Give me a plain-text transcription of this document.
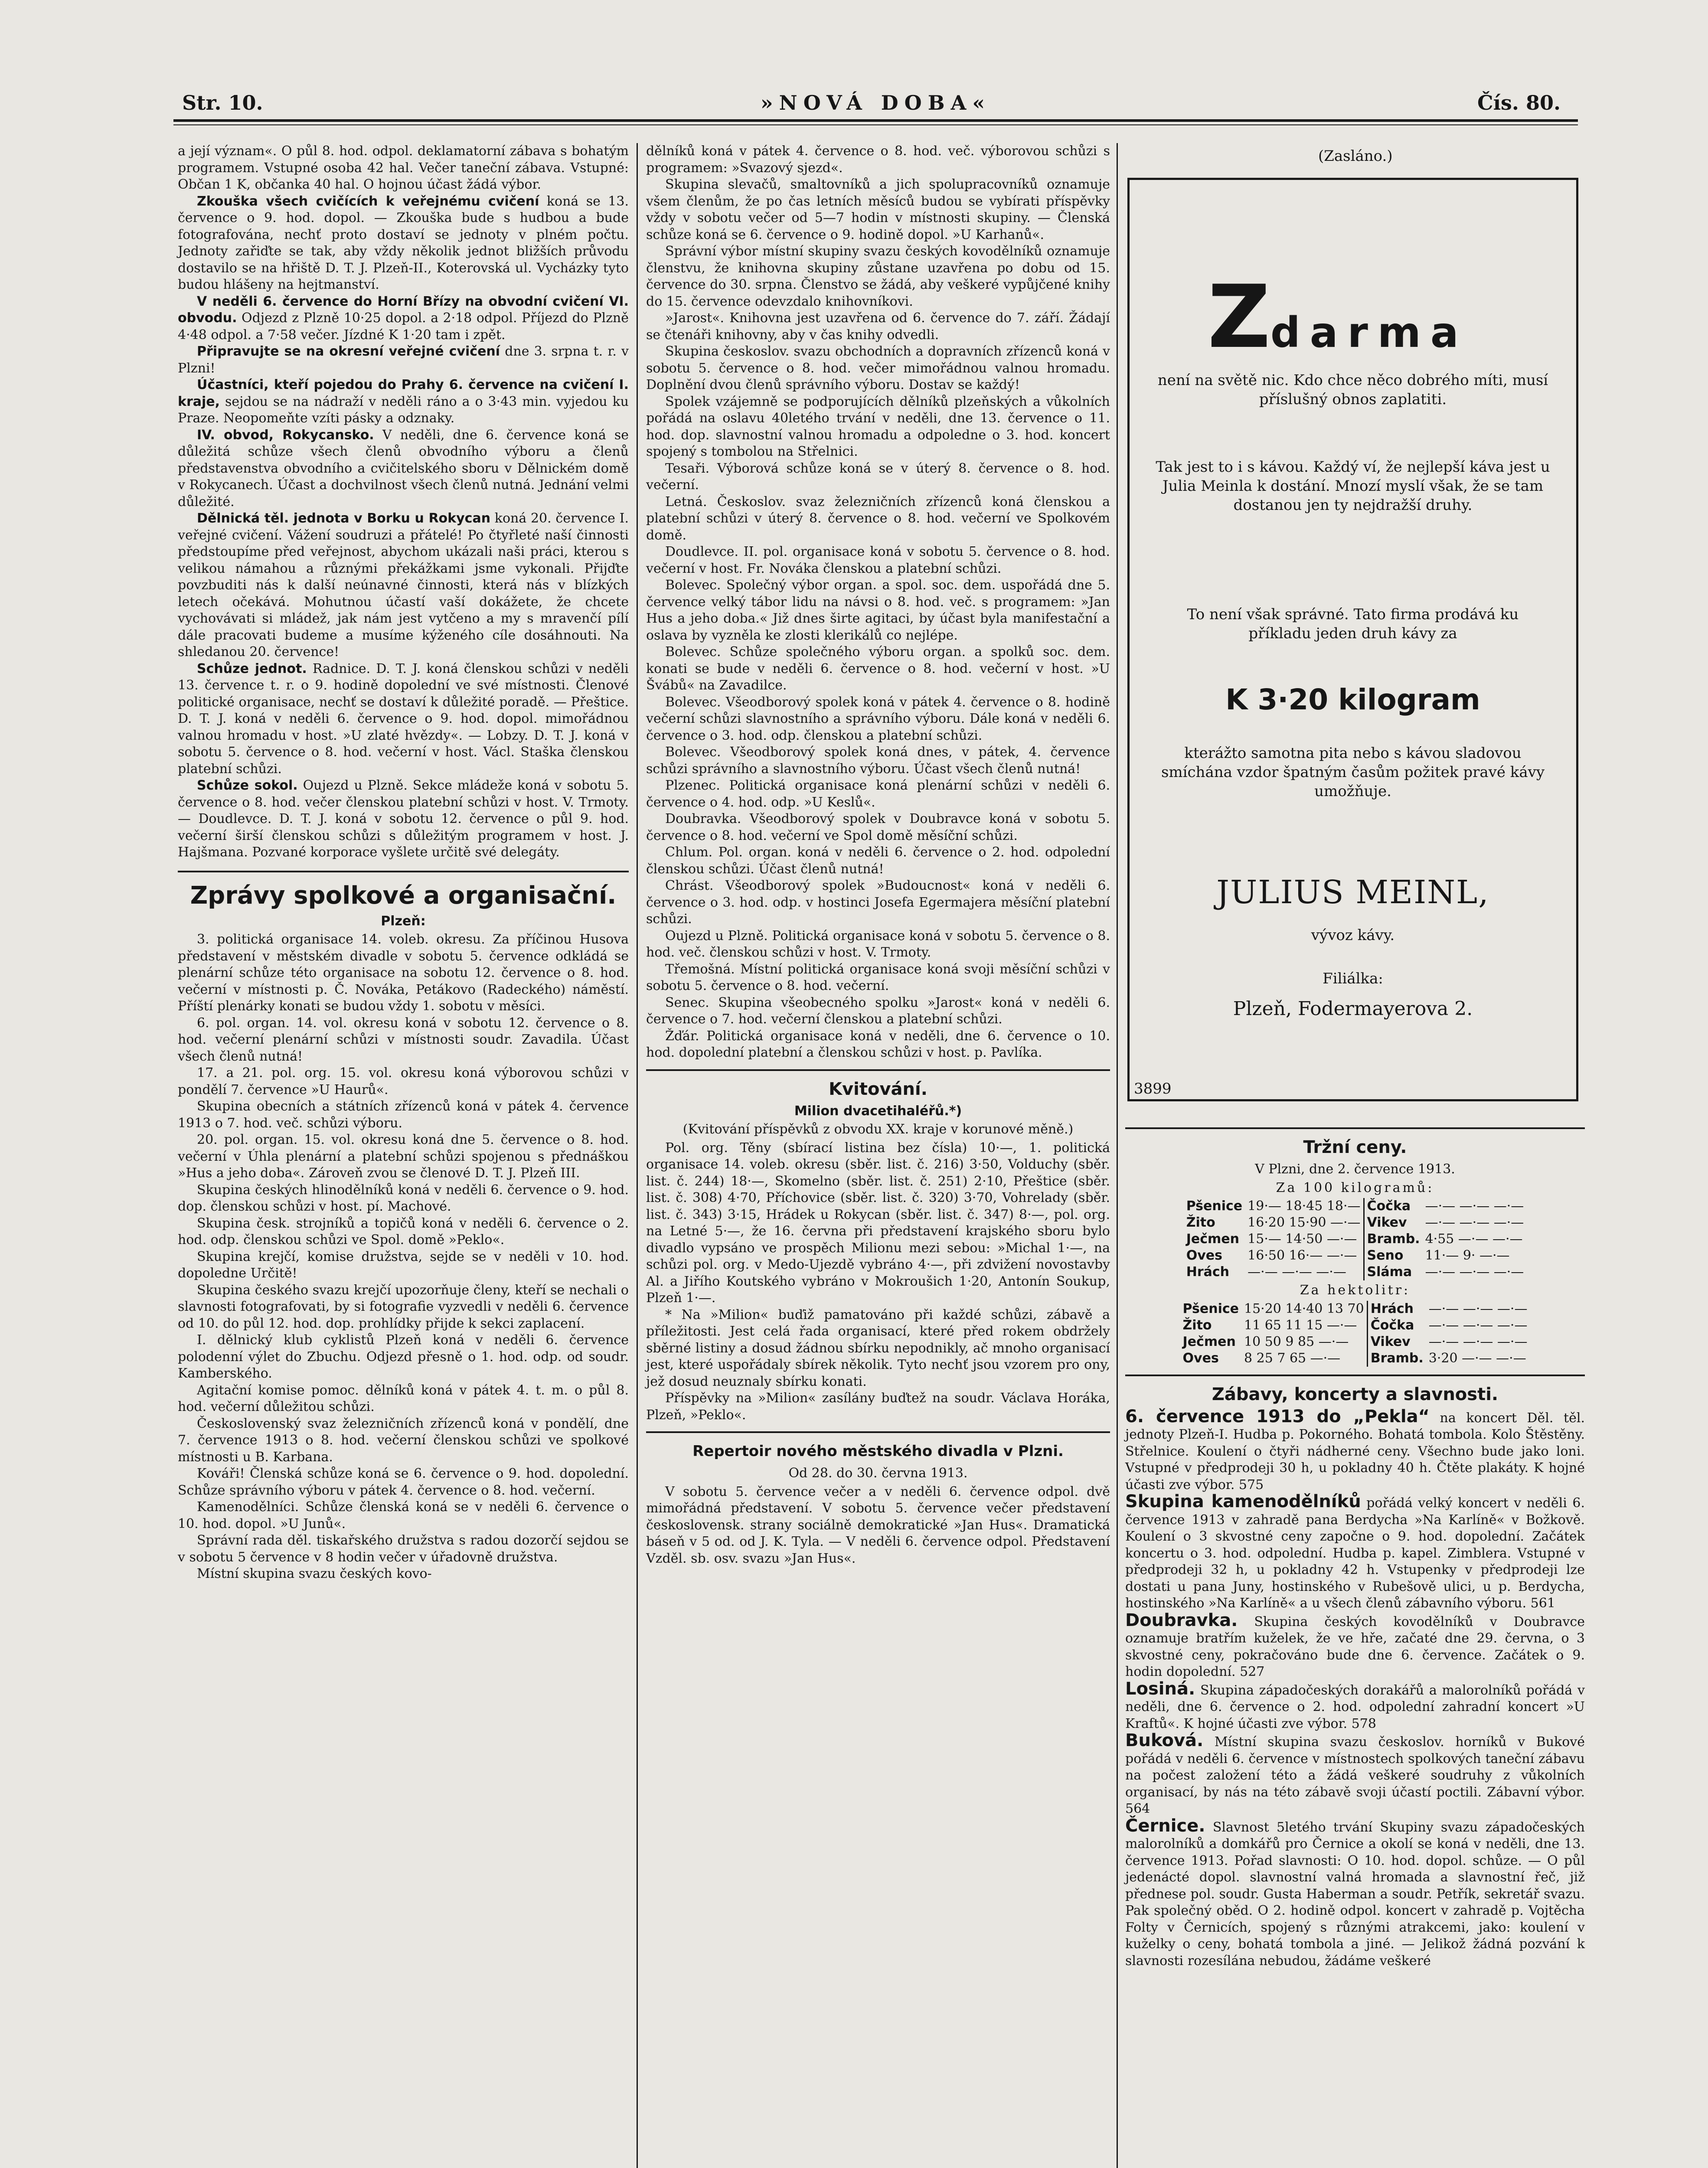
Str. 10.	»NOVÁ DOBA«	Čís. 80.

a její význam«. O půl 8. hod. odpol. deklamatorní zábava s bohatým programem. Vstupné osoba 42 hal. Večer taneční zábava. Vstupné: Občan 1 K, občanka 40 hal. O hojnou účast žádá výbor.

Zkouška všech cvičících k veřejnému cvičení koná se 13. července o 9. hod. dopol. — Zkouška bude s hudbou a bude fotografována, nechť proto dostaví se jednoty v plném počtu. Jednoty zařiďte se tak, aby vždy několik jednot bližších průvodu dostavilo se na hřiště D. T. J. Plzeň-II., Koterovská ul. Vycházky tyto budou hlášeny na hejtmanství.

V neděli 6. července do Horní Břízy na obvodní cvičení VI. obvodu. Odjezd z Plzně 10·25 dopol. a 2·18 odpol. Příjezd do Plzně 4·48 odpol. a 7·58 večer. Jízdné K 1·20 tam i zpět.

Připravujte se na okresní veřejné cvičení dne 3. srpna t. r. v Plzni!

Účastníci, kteří pojedou do Prahy 6. července na cvičení I. kraje, sejdou se na nádraží v neděli ráno a o 3·43 min. vyjedou ku Praze. Neopomeňte vzíti pásky a odznaky.

IV. obvod, Rokycansko. V neděli, dne 6. července koná se důležitá schůze všech členů obvodního výboru a členů představenstva obvodního a cvičitelského sboru v Dělnickém domě v Rokycanech. Účast a dochvilnost všech členů nutná. Jednání velmi důležité.

Dělnická těl. jednota v Borku u Rokycan koná 20. července I. veřejné cvičení. Vážení soudruzi a přátelé! Po čtyřleté naší činnosti předstoupíme před veřejnost, abychom ukázali naši práci, kterou s velikou námahou a různými překážkami jsme vykonali. Přijďte povzbuditi nás k další neúnavné činnosti, která nás v blízkých letech očekává. Mohutnou účastí vaší dokážete, že chcete vychovávati si mládež, jak nám jest vytčeno a my s mravenčí pílí dále pracovati budeme a musíme kýženého cíle dosáhnouti. Na shledanou 20. července!

Schůze jednot. Radnice. D. T. J. koná členskou schůzi v neděli 13. července t. r. o 9. hodině dopolední ve své místnosti. Členové politické organisace, nechť se dostaví k důležité poradě. — Přeštice. D. T. J. koná v neděli 6. července o 9. hod. dopol. mimořádnou valnou hromadu v host. »U zlaté hvězdy«. — Lobzy. D. T. J. koná v sobotu 5. července o 8. hod. večerní v host. Václ. Staška členskou platební schůzi.

Schůze sokol. Oujezd u Plzně. Sekce mládeže koná v sobotu 5. července o 8. hod. večer členskou platební schůzi v host. V. Trmoty. — Doudlevce. D. T. J. koná v sobotu 12. července o půl 9. hod. večerní širší členskou schůzi s důležitým programem v host. J. Hajšmana. Pozvané korporace vyšlete určitě své delegáty.

Zprávy spolkové a organisační.
Plzeň:

3. politická organisace 14. voleb. okresu. Za příčinou Husova představení v městském divadle v sobotu 5. července odkládá se plenární schůze této organisace na sobotu 12. července o 8. hod. večerní v místnosti p. Č. Nováka, Petákovo (Radeckého) náměstí. Příští plenárky konati se budou vždy 1. sobotu v měsíci.

6. pol. organ. 14. vol. okresu koná v sobotu 12. července o 8. hod. večerní plenární schůzi v místnosti soudr. Zavadila. Účast všech členů nutná!

17. a 21. pol. org. 15. vol. okresu koná výborovou schůzi v pondělí 7. července »U Haurů«.

Skupina obecních a státních zřízenců koná v pátek 4. července 1913 o 7. hod. več. schůzi výboru.

20. pol. organ. 15. vol. okresu koná dne 5. července o 8. hod. večerní v Úhla plenární a platební schůzi spojenou s přednáškou »Hus a jeho doba«. Zároveň zvou se členové D. T. J. Plzeň III.

Skupina českých hlinodělníků koná v neděli 6. července o 9. hod. dop. členskou schůzi v host. pí. Machové.

Skupina česk. strojníků a topičů koná v neděli 6. července o 2. hod. odp. členskou schůzi ve Spol. domě »Peklo«.

Skupina krejčí, komise družstva, sejde se v neděli v 10. hod. dopoledne Určitě!

Skupina českého svazu krejčí upozorňuje členy, kteří se nechali o slavnosti fotografovati, by si fotografie vyzvedli v neděli 6. července od 10. do půl 12. hod. dop. prohlídky přijde k sekci zaplacení.

I. dělnický klub cyklistů Plzeň koná v neděli 6. července polodenní výlet do Zbuchu. Odjezd přesně o 1. hod. odp. od soudr. Kamberského.

Agitační komise pomoc. dělníků koná v pátek 4. t. m. o půl 8. hod. večerní důležitou schůzi.

Československý svaz železničních zřízenců koná v pondělí, dne 7. července 1913 o 8. hod. večerní členskou schůzi ve spolkové místnosti u B. Karbana.

Kováři! Členská schůze koná se 6. července o 9. hod. dopolední. Schůze správního výboru v pátek 4. července o 8. hod. večerní.

Kamenodělníci. Schůze členská koná se v neděli 6. července o 10. hod. dopol. »U Junů«.

Správní rada děl. tiskařského družstva s radou dozorčí sejdou se v sobotu 5 července v 8 hodin večer v úřadovně družstva.

Místní skupina svazu českých kovo-

dělníků koná v pátek 4. července o 8. hod. več. výborovou schůzi s programem: »Svazový sjezd«.

Skupina slevačů, smaltovníků a jich spolupracovníků oznamuje všem členům, že po čas letních měsíců budou se vybírati příspěvky vždy v sobotu večer od 5—7 hodin v místnosti skupiny. — Členská schůze koná se 6. července o 9. hodině dopol. »U Karhanů«.

Správní výbor místní skupiny svazu českých kovodělníků oznamuje členstvu, že knihovna skupiny zůstane uzavřena po dobu od 15. července do 30. srpna. Členstvo se žádá, aby veškeré vypůjčené knihy do 15. července odevzdalo knihovníkovi.

»Jarost«. Knihovna jest uzavřena od 6. července do 7. září. Žádají se čtenáři knihovny, aby v čas knihy odvedli.

Skupina českoslov. svazu obchodních a dopravních zřízenců koná v sobotu 5. července o 8. hod. večer mimořádnou valnou hromadu. Doplnění dvou členů správního výboru. Dostav se každý!

Spolek vzájemně se podporujících dělníků plzeňských a vůkolních pořádá na oslavu 40letého trvání v neděli, dne 13. července o 11. hod. dop. slavnostní valnou hromadu a odpoledne o 3. hod. koncert spojený s tombolou na Střelnici.

Tesaři. Výborová schůze koná se v úterý 8. července o 8. hod. večerní.

Letná. Českoslov. svaz železničních zřízenců koná členskou a platební schůzi v úterý 8. července o 8. hod. večerní ve Spolkovém domě.

Doudlevce. II. pol. organisace koná v sobotu 5. července o 8. hod. večerní v host. Fr. Nováka členskou a platební schůzi.

Bolevec. Společný výbor organ. a spol. soc. dem. uspořádá dne 5. července velký tábor lidu na návsi o 8. hod. več. s programem: »Jan Hus a jeho doba.« Již dnes širte agitaci, by účast byla manifestační a oslava by vyzněla ke zlosti klerikálů co nejlépe.

Bolevec. Schůze společného výboru organ. a spolků soc. dem. konati se bude v neděli 6. července o 8. hod. večerní v host. »U Švábů« na Zavadilce.

Bolevec. Všeodborový spolek koná v pátek 4. července o 8. hodině večerní schůzi slavnostního a správního výboru. Dále koná v neděli 6. července o 3. hod. odp. členskou a platební schůzi.

Bolevec. Všeodborový spolek koná dnes, v pátek, 4. července schůzi správního a slavnostního výboru. Účast všech členů nutná!

Plzenec. Politická organisace koná plenární schůzi v neděli 6. července o 4. hod. odp. »U Keslů«.

Doubravka. Všeodborový spolek v Doubravce koná v sobotu 5. července o 8. hod. večerní ve Spol domě měsíční schůzi.

Chlum. Pol. organ. koná v neděli 6. července o 2. hod. odpolední členskou schůzi. Účast členů nutná!

Chrást. Všeodborový spolek »Budoucnost« koná v neděli 6. července o 3. hod. odp. v hostinci Josefa Egermajera měsíční platební schůzi.

Oujezd u Plzně. Politická organisace koná v sobotu 5. července o 8. hod. več. členskou schůzi v host. V. Trmoty.

Třemošná. Místní politická organisace koná svoji měsíční schůzi v sobotu 5. července o 8. hod. večerní.

Senec. Skupina všeobecného spolku »Jarost« koná v neděli 6. července o 7. hod. večerní členskou a platební schůzi.

Žďár. Politická organisace koná v neděli, dne 6. července o 10. hod. dopolední platební a členskou schůzi v host. p. Pavlíka.

Kvitování.
Milion dvacetihaléřů.*)
(Kvitování příspěvků z obvodu XX. kraje v korunové měně.)

Pol. org. Těny (sbírací listina bez čísla) 10·—, 1. politická organisace 14. voleb. okresu (sběr. list. č. 216) 3·50, Volduchy (sběr. list. č. 244) 18·—, Skomelno (sběr. list. č. 251) 2·10, Přeštice (sběr. list. č. 308) 4·70, Příchovice (sběr. list. č. 320) 3·70, Vohrelady (sběr. list. č. 343) 3·15, Hrádek u Rokycan (sběr. list. č. 347) 8·—, pol. org. na Letné 5·—, že 16. června při představení krajského sboru bylo divadlo vypsáno ve prospěch Milionu mezi sebou: »Michal 1·—, na schůzi pol. org. v Medo-Ujezdě vybráno 4·—, při zdvižení novostavby Al. a Jiřího Koutského vybráno v Mokroušich 1·20, Antonín Soukup, Plzeň 1·—.

* Na »Milion« buďiž pamatováno při každé schůzi, zábavě a příležitosti. Jest celá řada organisací, které před rokem obdržely sběrné listiny a dosud žádnou sbírku nepodnikly, ač mnoho organisací jest, které uspořádaly sbírek několik. Tyto nechť jsou vzorem pro ony, jež dosud neuznaly sbírku konati.

Příspěvky na »Milion« zasílány buďtež na soudr. Václava Horáka, Plzeň, »Peklo«.

Repertoir nového městského divadla v Plzni.
Od 28. do 30. června 1913.

V sobotu 5. července večer a v neděli 6. července odpol. dvě mimořádná představení. V sobotu 5. července večer představení československ. strany sociálně demokratické »Jan Hus«. Dramatická báseň v 5 od. od J. K. Tyla. — V neděli 6. července odpol. Představení Vzděl. sb. osv. svazu »Jan Hus«.

(Zasláno.)
Zdarma
není na světě nic. Kdo chce něco dobrého míti, musí příslušný obnos zaplatiti.
Tak jest to i s kávou. Každý ví, že nejlepší káva jest u Julia Meinla k dostání. Mnozí myslí však, že se tam dostanou jen ty nejdražší druhy.
To není však správné. Tato firma prodává ku příkladu jeden druh kávy za
K 3·20 kilogram
kterážto samotna pita nebo s kávou sladovou smíchána vzdor špatným časům požitek pravé kávy umožňuje.
JULIUS MEINL,
vývoz kávy.
Filiálka:
Plzeň, Fodermayerova 2.
3899
Tržní ceny.
V Plzni, dne 2. července 1913.
Za 100 kilogramů:
Pšenice	19·— 18·45 18·—	Čočka	—·— —·— —·—
Žito	16·20 15·90 —·—	Vikev	—·— —·— —·—
Ječmen	15·— 14·50 —·—	Bramb.	4·55 —·— —·—
Oves	16·50 16·— —·—	Seno	11·— 9· —·—
Hrách	—·— —·— —·—	Sláma	—·— —·— —·—
Za hektolitr:
Pšenice	15·20 14·40 13 70	Hrách	—·— —·— —·—
Žito	11 65 11 15 —·—	Čočka	—·— —·— —·—
Ječmen	10 50 9 85 —·—	Vikev	—·— —·— —·—
Oves	8 25 7 65 —·—	Bramb.	3·20 —·— —·—
Zábavy, koncerty a slavnosti.

6. července 1913 do „Pekla“ na koncert Děl. těl. jednoty Plzeň-I. Hudba p. Pokorného. Bohatá tombola. Kolo Štěstěny. Střelnice. Koulení o čtyři nádherné ceny. Všechno bude jako loni. Vstupné v předprodeji 30 h, u pokladny 40 h. Čtěte plakáty. K hojné účasti zve výbor. 575

Skupina kamenodělníků pořádá velký koncert v neděli 6. července 1913 v zahradě pana Berdycha »Na Karlíně« v Božkově. Koulení o 3 skvostné ceny započne o 9. hod. dopolední. Začátek koncertu o 3. hod. odpolední. Hudba p. kapel. Zimblera. Vstupné v předprodeji 32 h, u pokladny 42 h. Vstupenky v předprodeji lze dostati u pana Juny, hostinského v Rubešově ulici, u p. Berdycha, hostinského »Na Karlíně« a u všech členů zábavního výboru. 561

Doubravka. Skupina českých kovodělníků v Doubravce oznamuje bratřím kuželek, že ve hře, začaté dne 29. června, o 3 skvostné ceny, pokračováno bude dne 6. července. Začátek o 9. hodin dopolední. 527

Losiná. Skupina západočeských dorakářů a malorolníků pořádá v neděli, dne 6. července o 2. hod. odpolední zahradní koncert »U Kraftů«. K hojné účasti zve výbor. 578

Buková. Místní skupina svazu českoslov. horníků v Bukové pořádá v neděli 6. července v místnostech spolkových taneční zábavu na počest založení této a žádá veškeré soudruhy z vůkolních organisací, by nás na této zábavě svoji účastí poctili. Zábavní výbor. 564

Černice. Slavnost 5letého trvání Skupiny svazu západočeských malorolníků a domkářů pro Černice a okolí se koná v neděli, dne 13. července 1913. Pořad slavnosti: O 10. hod. dopol. schůze. — O půl jedenácté dopol. slavnostní valná hromada a slavnostní řeč, již přednese pol. soudr. Gusta Haberman a soudr. Petřík, sekretář svazu. Pak společný oběd. O 2. hodině odpol. koncert v zahradě p. Vojtěcha Folty v Černicích, spojený s různými atrakcemi, jako: koulení v kuželky o ceny, bohatá tombola a jiné. — Jelikož žádná pozvání k slavnosti rozesílána nebudou, žádáme veškeré
